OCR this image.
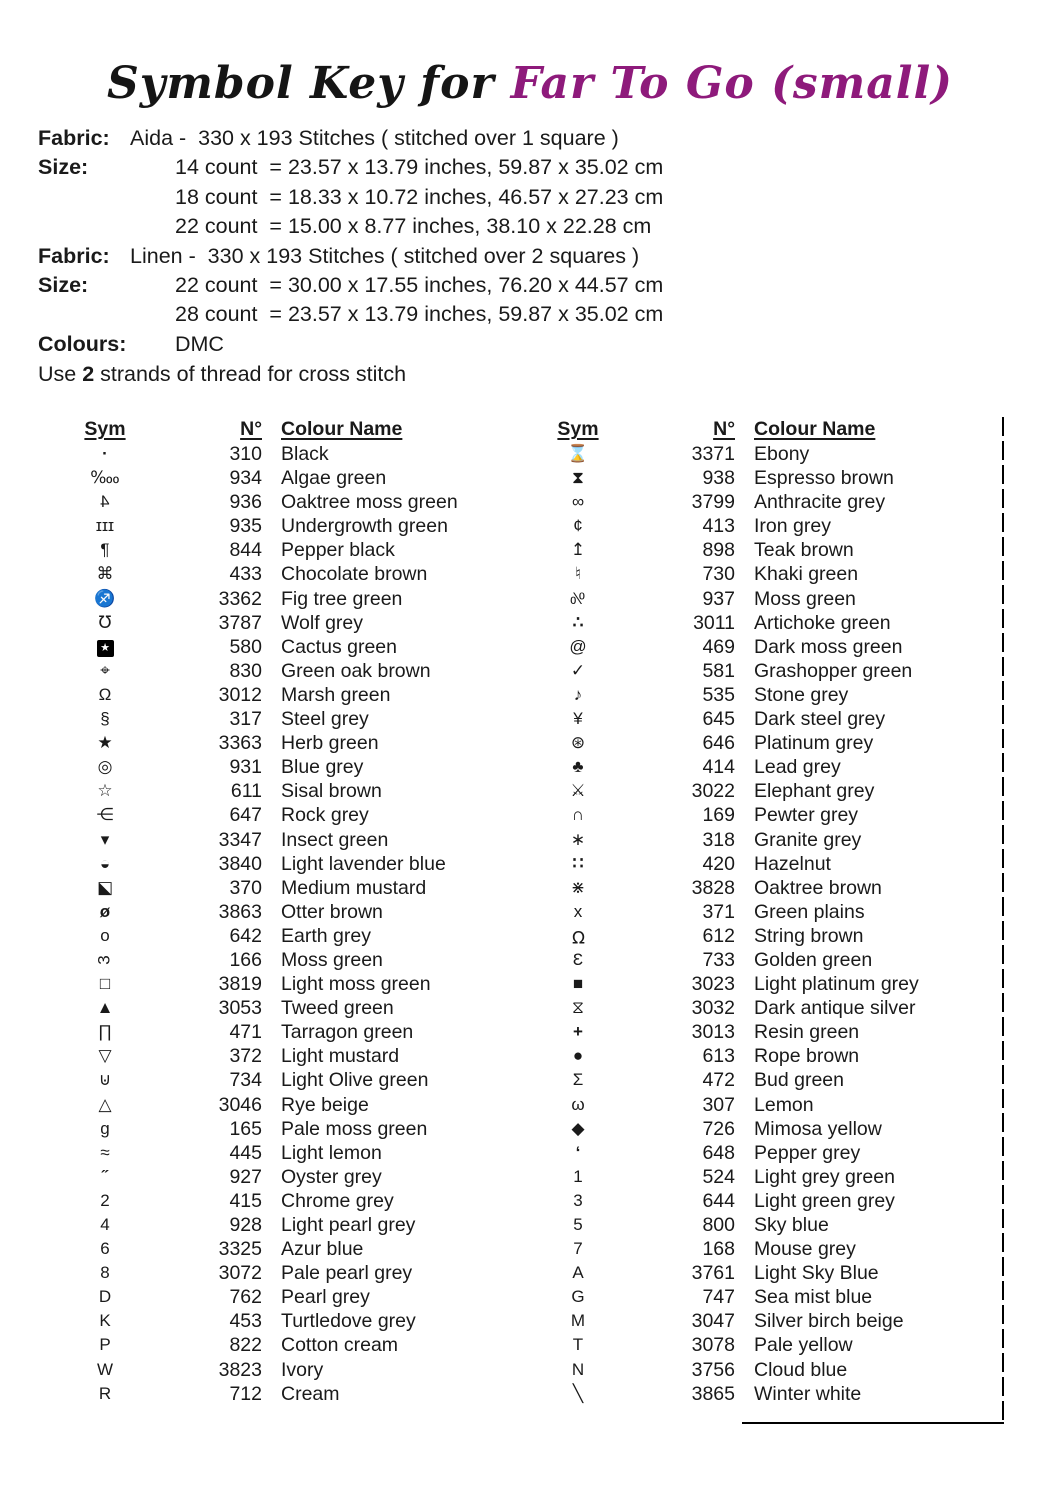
Symbol Key for Far To Go (small)
Fabric: Aida -  330 x 193 Stitches ( stitched over 1 square )
Size:	14 count  = 23.57 x 13.79 inches, 59.87 x 35.02 cm
18 count  = 18.33 x 10.72 inches, 46.57 x 27.23 cm
22 count  = 15.00 x 8.77 inches, 38.10 x 22.28 cm
Fabric: Linen -  330 x 193 Stitches ( stitched over 2 squares )
Size:	22 count  = 30.00 x 17.55 inches, 76.20 x 44.57 cm
28 count  = 23.57 x 13.79 inches, 59.87 x 35.02 cm
Colours: DMC
Use 2 strands of thread for cross stitch
Sym	N° Colour Name
·	310 Black
‱	934 Algae green
4	936 Oaktree moss green
ɪɪɪ	935 Undergrowth green
¶	844 Pepper black
⌘	433 Chocolate brown
♐	3362 Fig tree green
℧	3787 Wolf grey
★	580 Cactus green
⌖	830 Green oak brown
Ω	3012 Marsh green
§	317 Steel grey
★	3363 Herb green
◎	931 Blue grey
☆	611 Sisal brown
⋲	647 Rock grey
▾	3347 Insect green
◒	3840 Light lavender blue
◪	370 Medium mustard
ø	3863 Otter brown
o	642 Earth grey
3	166 Moss green
□	3819 Light moss green
▲	3053 Tweed green
∏	471 Tarragon green
▽	372 Light mustard
⊍	734 Light Olive green
△	3046 Rye beige
g	165 Pale moss green
≈	445 Light lemon
˝	927 Oyster grey
2	415 Chrome grey
4	928 Light pearl grey
6	3325 Azur blue
8	3072 Pale pearl grey
D	762 Pearl grey
K	453 Turtledove grey
P	822 Cotton cream
W	3823 Ivory
R	712 Cream
Sym	N° Colour Name
⌛	3371 Ebony
⧗	938 Espresso brown
∞	3799 Anthracite grey
¢	413 Iron grey
↥	898 Teak brown
♮	730 Khaki green
%	937 Moss green
∴	3011 Artichoke green
@	469 Dark moss green
✓	581 Grashopper green
♪	535 Stone grey
¥	645 Dark steel grey
⊛	646 Platinum grey
♣	414 Lead grey
⚔	3022 Elephant grey
∩	169 Pewter grey
∗	318 Granite grey
∷	420 Hazelnut
⋇	3828 Oaktree brown
x	371 Green plains
℧	612 String brown
Ɛ	733 Golden green
■	3023 Light platinum grey
⧖	3032 Dark antique silver
+	3013 Resin green
●	613 Rope brown
Σ	472 Bud green
ω	307 Lemon
◆	726 Mimosa yellow
‘	648 Pepper grey
1	524 Light grey green
3	644 Light green grey
5	800 Sky blue
7	168 Mouse grey
A	3761 Light Sky Blue
G	747 Sea mist blue
M	3047 Silver birch beige
T	3078 Pale yellow
N	3756 Cloud blue
╲	3865 Winter white
